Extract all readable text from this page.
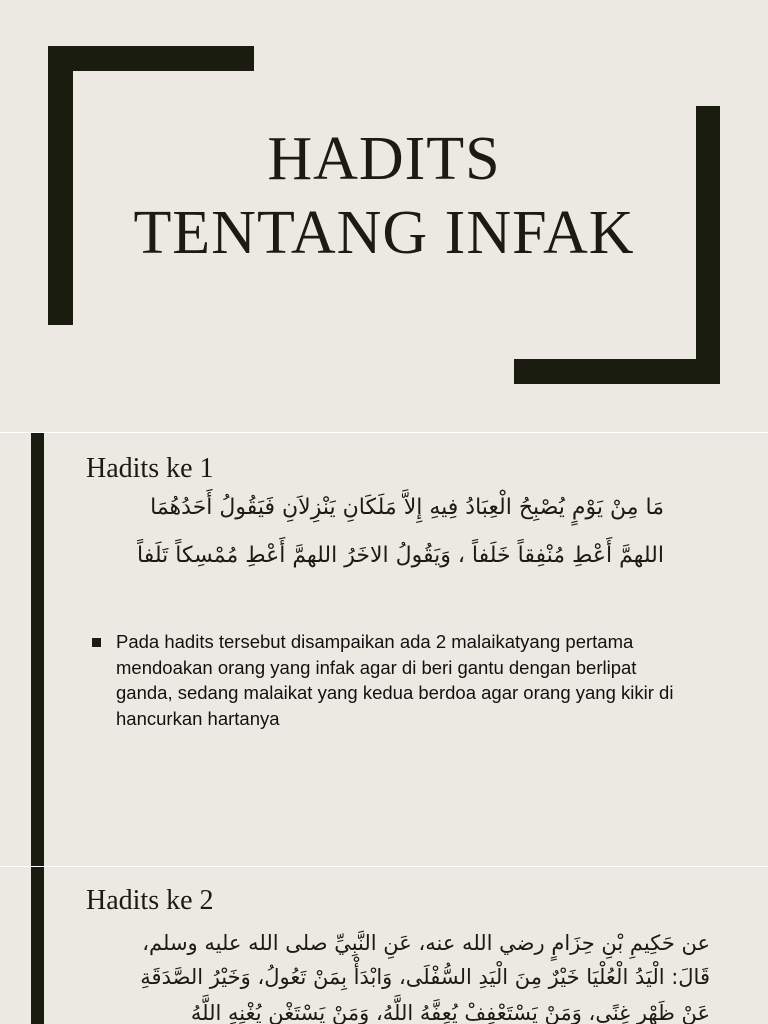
HADITS
TENTANG INFAK
Hadits ke 1
مَا مِنْ يَوْمٍ يُصْبِحُ الْعِبَادُ فِيهِ إِلاَّ مَلَكَانِ يَنْزِلاَنِ فَيَقُولُ أَحَدُهُمَا
اللهمَّ أَعْطِ مُنْفِقاً خَلَفاً ، وَيَقُولُ الاخَرُ اللهمَّ أَعْطِ مُمْسِكاً تَلَفاً
Pada hadits tersebut disampaikan ada 2 malaikatyang pertama mendoakan orang yang infak agar di beri gantu dengan berlipat ganda, sedang malaikat yang kedua berdoa agar orang yang kikir di hancurkan hartanya
Hadits ke 2
عن حَكِيمِ بْنِ حِزَامٍ رضي الله عنه، عَنِ النَّبِيِّ صلى الله عليه وسلم،
قَالَ: الْيَدُ الْعُلْيَا خَيْرٌ مِنَ الْيَدِ السُّفْلَى، وَابْدَأْ بِمَنْ تَعُولُ، وَخَيْرُ الصَّدَقَةِ
عَنْ ظَهْرِ غِنًى، وَمَنْ يَسْتَعْفِفْ يُعِفَّهُ اللَّهُ، وَمَنْ يَسْتَغْنِ يُغْنِهِ اللَّهُ
